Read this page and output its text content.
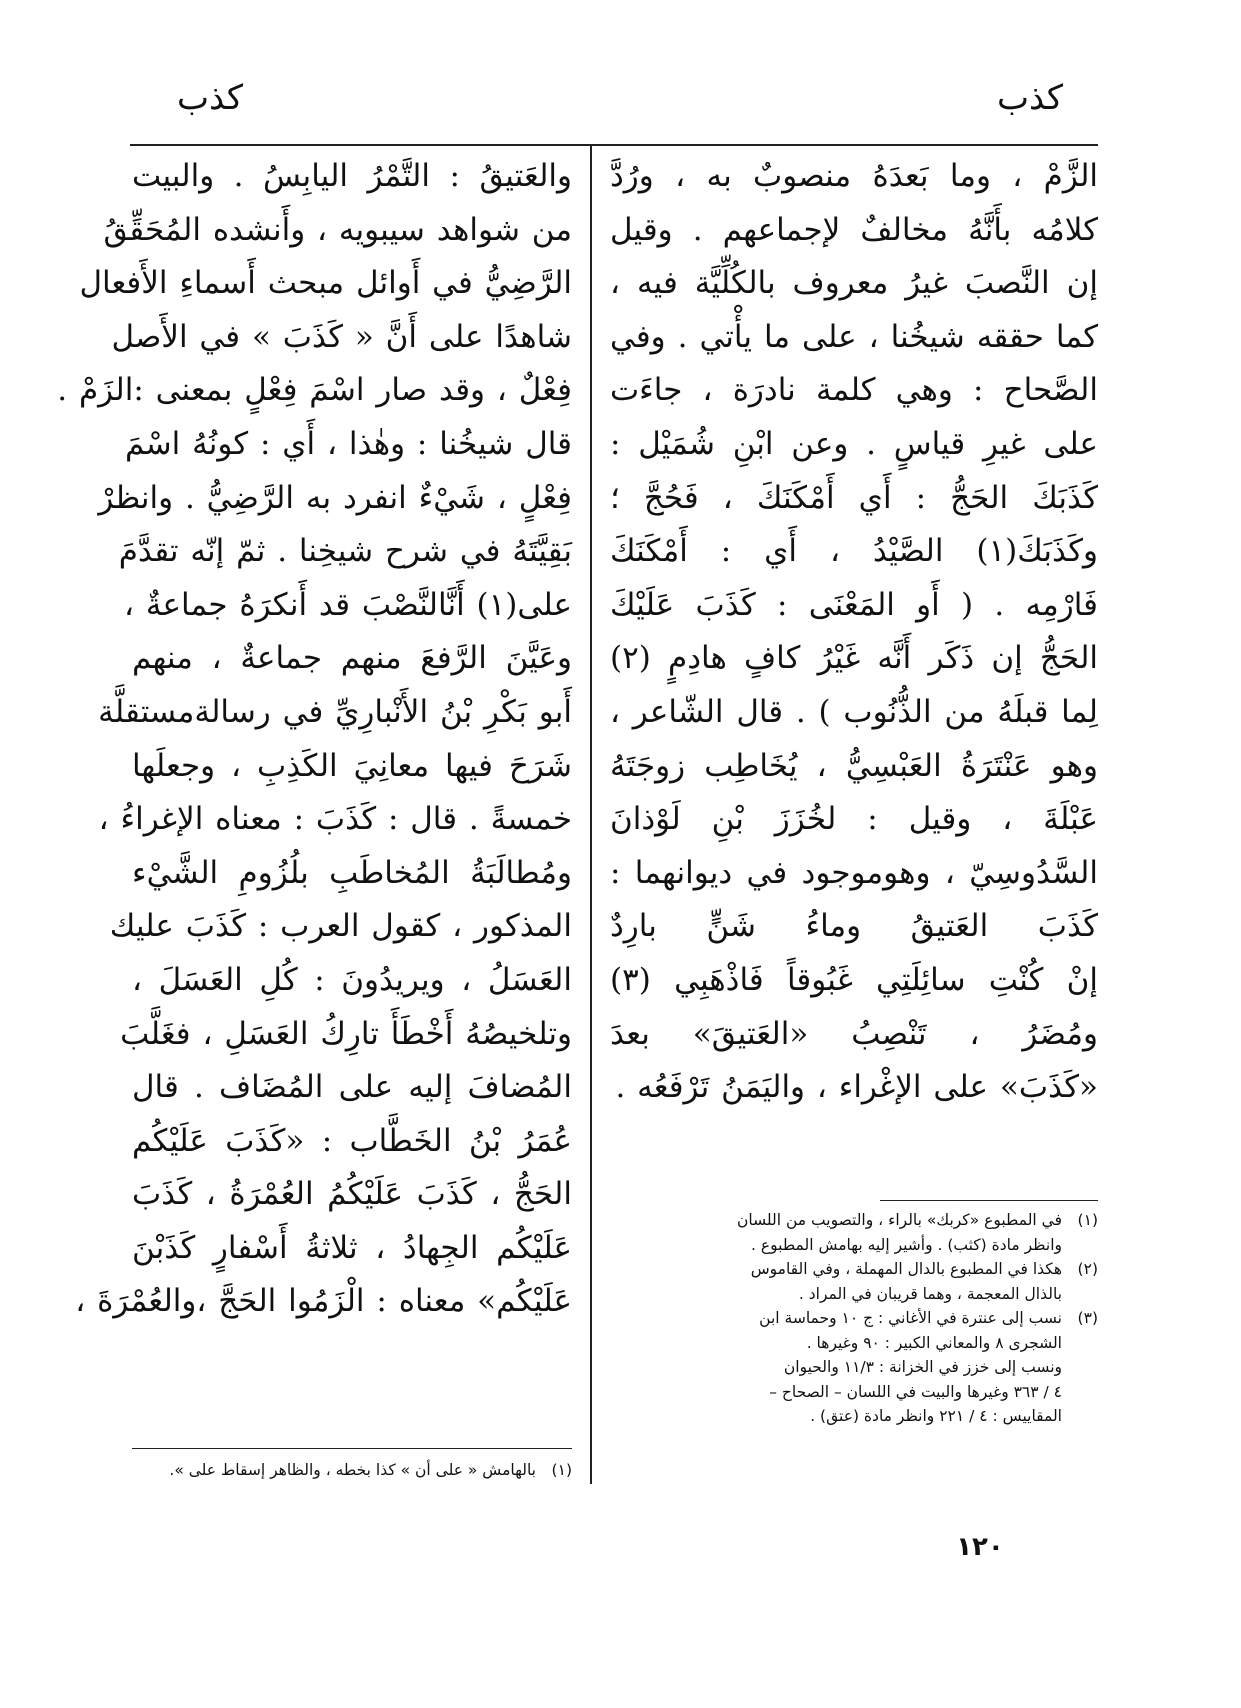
كذب
كذب
الزَّمْ ، وما بَعدَهُ منصوبٌ به ، ورُدَّ
كلامُه بأَنَّهُ مخالفٌ لإجماعهم . وقيل
إن النَّصبَ غيرُ معروف بالكُلِّيَّة فيه ،
كما حققه شيخُنا ، على ما يأْتي . وفي
الصَّحاح : وهي كلمة نادرَة ، جاءَت
على غيرِ قياسٍ . وعن ابْنِ شُمَيْل :
كَذَبَكَ الحَجُّ : أَي أَمْكَنَكَ ، فَحُجَّ ؛
وكَذَبَكَ(١) الصَّيْدُ ، أَي : أَمْكَنَكَ
فَارْمِه . ( أَو المَعْنَى : كَذَبَ عَلَيْكَ
الحَجُّ إن ذَكَر أَنَّه غَيْرُ كافٍ هادِمٍ (٢)
لِما قبلَهُ من الذُّنُوب ) . قال الشّاعر ،
وهو عَنْتَرَةُ العَبْسِيُّ ، يُخَاطِب زوجَتَهُ
عَبْلَةَ ، وقيل : لخُزَزَ بْنِ لَوْذانَ
السَّدُوسِيّ ، وهوموجود في ديوانهما :
كَذَبَ العَتيقُ وماءُ شَنٍّ بارِدٌ
إنْ كُنْتِ سائِلَتِي غَبُوقاً فَاذْهَبِي (٣)
ومُضَرُ ، تَنْصِبُ «العَتيقَ» بعدَ
«كَذَبَ» على الإغْراء ، واليَمَنُ تَرْفَعُه .
والعَتيقُ : التَّمْرُ اليابِسُ . والبيت
من شواهد سيبويه ، وأَنشده المُحَقِّقُ
الرَّضِيُّ في أَوائل مبحث أَسماءِ الأَفعال
شاهدًا على أَنَّ « كَذَبَ » في الأَصل
فِعْلٌ ، وقد صار اسْمَ فِعْلٍ بمعنى :الزَمْ .
قال شيخُنا : وهٰذا ، أَي : كونُهُ اسْمَ
فِعْلٍ ، شَيْءٌ انفرد به الرَّضِيُّ . وانظرْ
بَقِيَّتَهُ في شرح شيخِنا . ثمّ إنّه تقدَّمَ
على(١) أَنَّالنَّصْبَ قد أَنكرَهُ جماعةٌ ،
وعَيَّنَ الرَّفعَ منهم جماعةٌ ، منهم
أَبو بَكْرِ بْنُ الأَنْبارِيِّ في رسالةمستقلَّة
شَرَحَ فيها معانِيَ الكَذِبِ ، وجعلَها
خمسةً . قال : كَذَبَ : معناه الإغراءُ ،
ومُطالَبَةُ المُخاطَبِ بلُزُومِ الشَّيْء
المذكور ، كقول العرب : كَذَبَ عليك
العَسَلُ ، ويريدُونَ : كُلِ العَسَلَ ،
وتلخيصُهُ أَخْطَأَ تارِكُ العَسَلِ ، فغَلَّبَ
المُضافَ إليه على المُضَاف . قال
عُمَرُ بْنُ الخَطَّاب : «كَذَبَ عَلَيْكُم
الحَجُّ ، كَذَبَ عَلَيْكُمُ العُمْرَةُ ، كَذَبَ
عَلَيْكُم الجِهادُ ، ثلاثةُ أَسْفارٍ كَذَبْنَ
عَلَيْكُم» معناه : الْزَمُوا الحَجَّ ،والعُمْرَةَ ،
(١)في المطبوع «كربك» بالراء ، والتصويب من اللسان
وانظر مادة (كثب) . وأشير إليه بهامش المطبوع .
(٢)هكذا في المطبوع بالدال المهملة ، وفي القاموس
بالذال المعجمة ، وهما قريبان في المراد .
(٣)نسب إلى عنترة في الأغاني : ج ١٠ وحماسة ابن
الشجرى ٨ والمعاني الكبير : ٩٠ وغيرها .
ونسب إلى خزز في الخزانة : ١١/٣ والحيوان
٤ / ٣٦٣ وغيرها والبيت في اللسان – الصحاح –
المقاييس : ٤ / ٢٢١ وانظر مادة (عتق) .
(١)بالهامش « على أن » كذا بخطه ، والظاهر إسقاط على ».
١٢٠
